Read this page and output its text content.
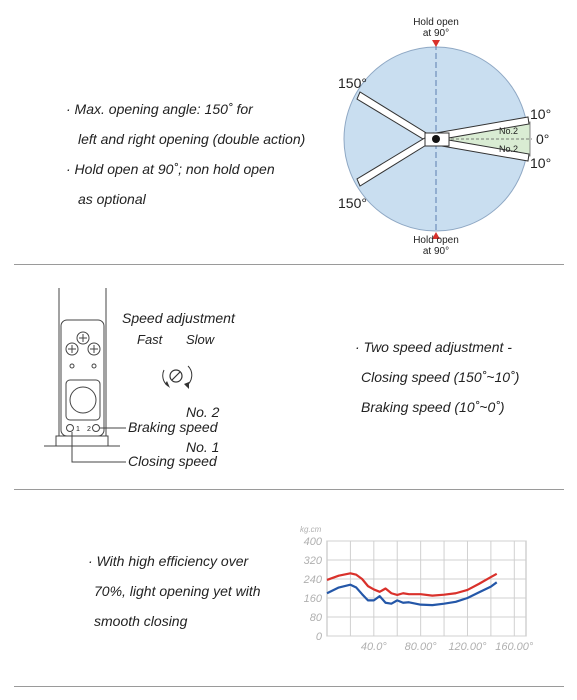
· Max. opening angle: 150˚ for
left and right opening (double action)
· Hold open at 90˚; non hold open
as optional
Hold open
at 90°
Hold open
at 90°
150°
150°
10°
0°
10°
No.2
No.2
1 2
Speed adjustment
Fast Slow
No. 2
Braking speed
No. 1
Closing speed
· Two speed adjustment -
Closing speed (150˚~10˚)
Braking speed (10˚~0˚)
· With high efficiency over
70%, light opening yet with
smooth closing
0
80
160
240
320
400
40.0° 80.00° 120.00° 160.00°
kg.cm
